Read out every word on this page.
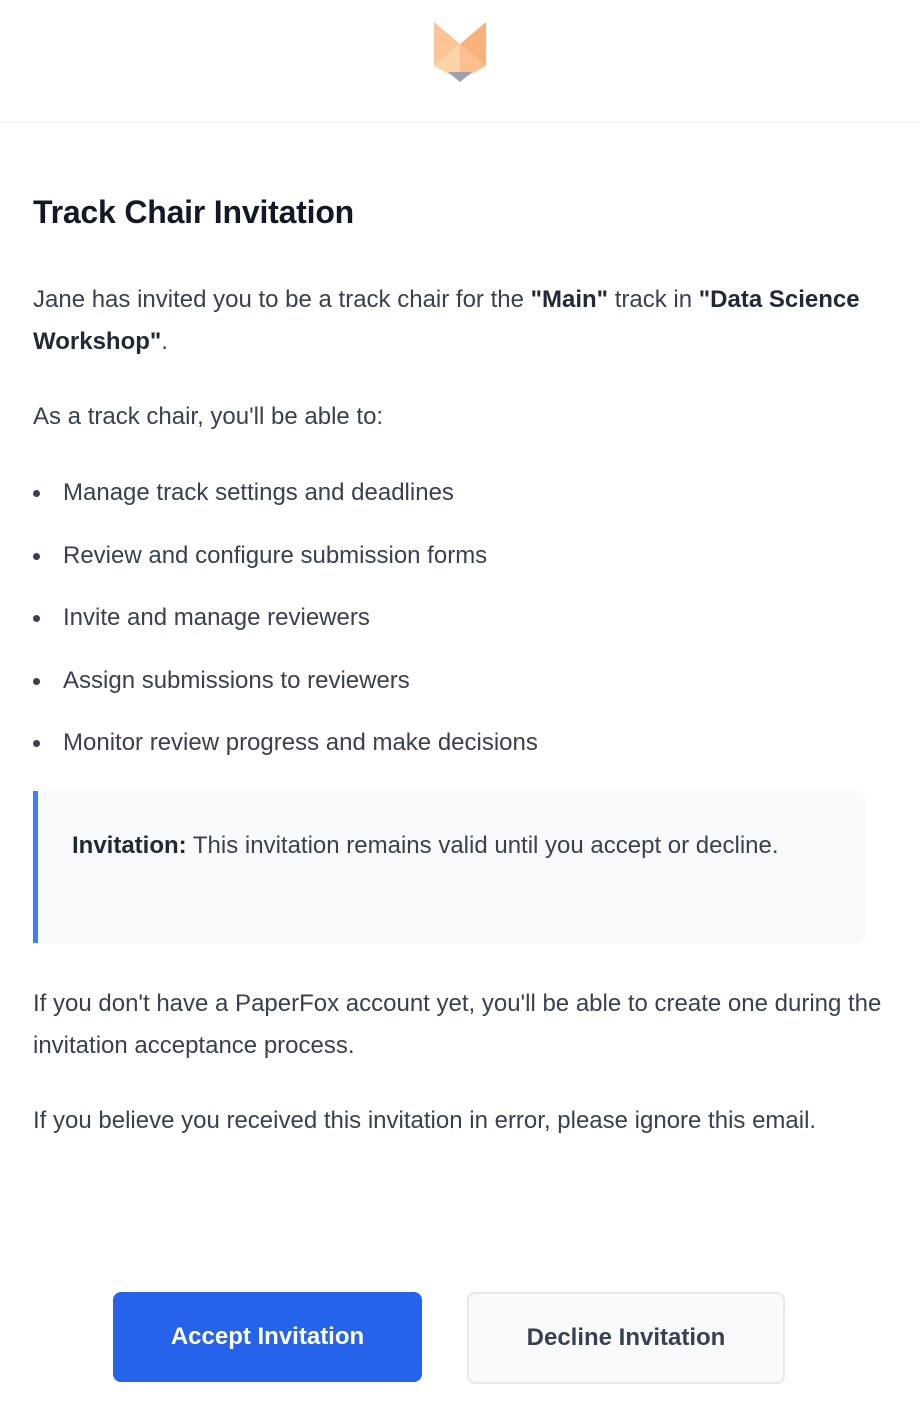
Track Chair Invitation

Jane has invited you to be a track chair for the "Main" track in "Data Science Workshop".

As a track chair, you'll be able to:

Manage track settings and deadlines
Review and configure submission forms
Invite and manage reviewers
Assign submissions to reviewers
Monitor review progress and make decisions
Invitation: This invitation remains valid until you accept or decline.

If you don't have a PaperFox account yet, you'll be able to create one during the invitation acceptance process.

If you believe you received this invitation in error, please ignore this email.

Accept Invitation	Decline Invitation
